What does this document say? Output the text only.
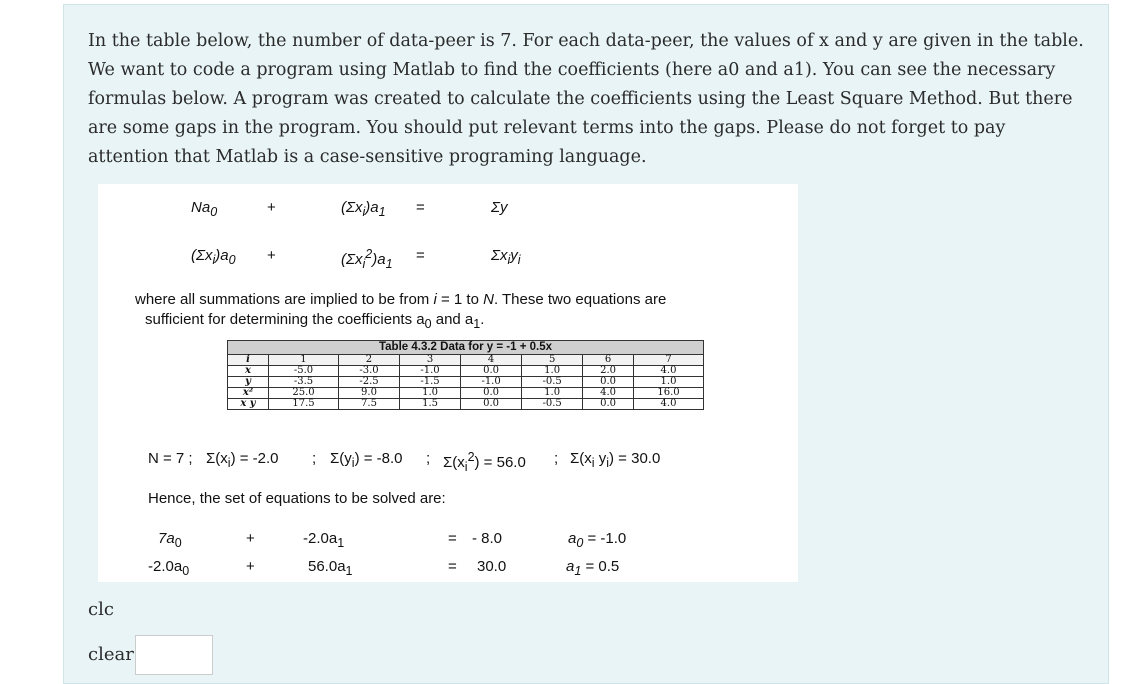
In the table below, the number of data-peer is 7. For each data-peer, the values of x and y are given in the table. We want to code a program using Matlab to find the coefficients (here a0 and a1). You can see the necessary formulas below. A program was created to calculate the coefficients using the Least Square Method. But there are some gaps in the program. You should put relevant terms into the gaps. Please do not forget to pay attention that Matlab is a case-sensitive programing language.
$Na_0$	+	$(\Sigma x_i)a_1$ =	Σy
$(\Sigma x_i)a_0$ +	$(\Sigma x_i^2)a_1$ =	$\Sigma x_iy_i$
where all summations are implied to be from i = 1 to N. These two equations are
sufficient for determining the coefficients $a_0$ and $a_1$.
Table 4.3.2 Data for y = -1 + 0.5x
i	1	2	3	4	5	6	7
x	-5.0	-3.0	-1.0	0.0	1.0	2.0	4.0
y	-3.5	-2.5	-1.5	-1.0	-0.5	0.0	1.0
x²	25.0	9.0	1.0	0.0	1.0	4.0	16.0
x y	17.5	7.5	1.5	0.0	-0.5	0.0	4.0
N = 7 ; $\Sigma(x_i) = -2.0$ ; $\Sigma(y_i) = -8.0$ ; $\Sigma(x_i^2) = 56.0$ ; $\Sigma(x_i$ $y_i) = 30.0$
Hence, the set of equations to be solved are:
$7a_0$	+	$-2.0a_1$	= - 8.0	$a_0 = -1.0$
$-2.0a_0$	+	$56.0a_1$	= 30.0	$a_1 = 0.5$
clc
clear
